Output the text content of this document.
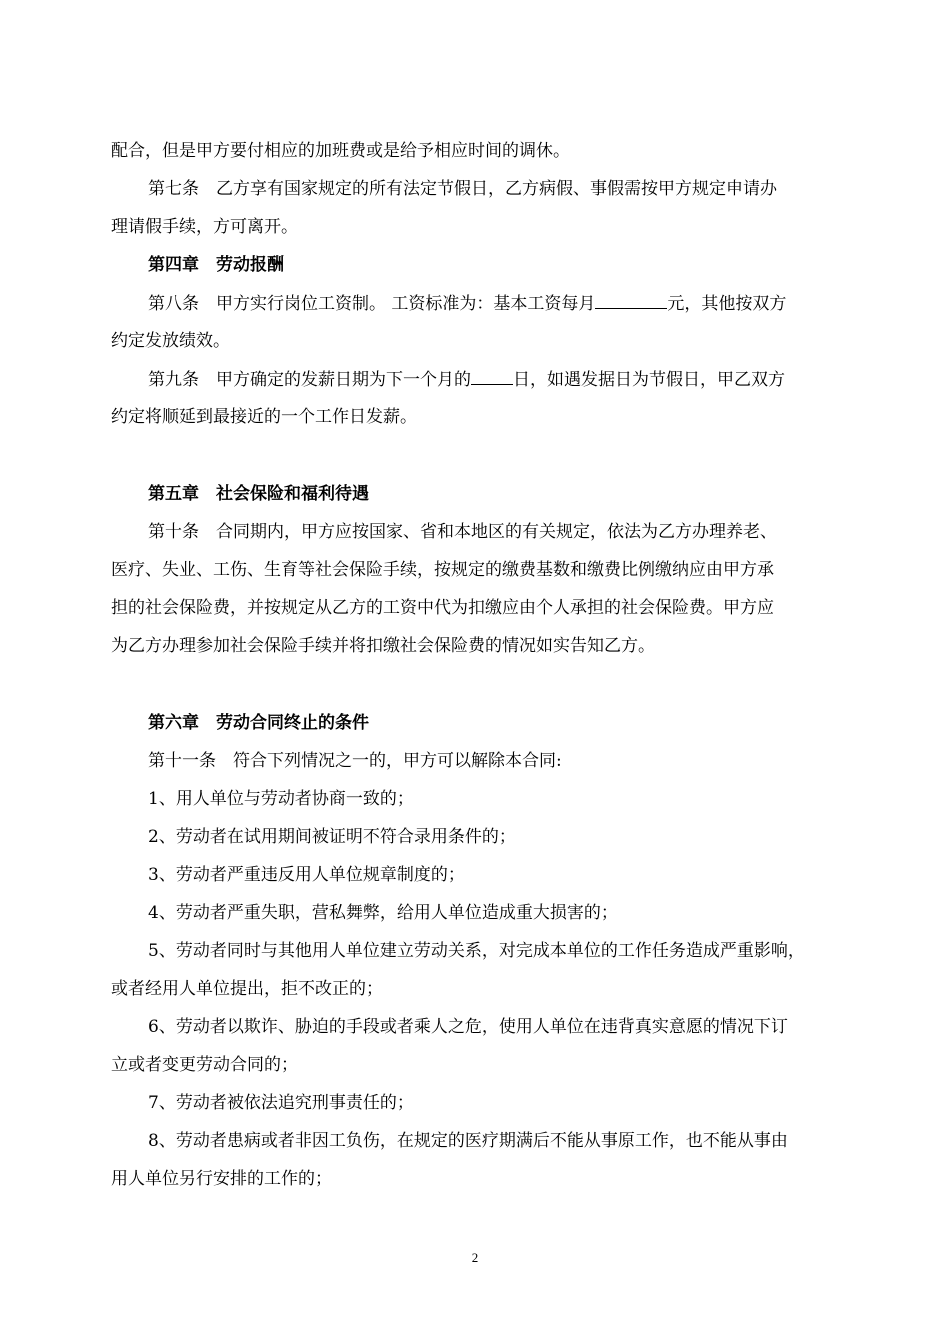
配合，但是甲方要付相应的加班费或是给予相应时间的调休。
第七条　乙方享有国家规定的所有法定节假日，乙方病假、事假需按甲方规定申请办
理请假手续，方可离开。
第四章　劳动报酬
第八条　甲方实行岗位工资制。 工资标准为：基本工资每月	元，其他按双方
约定发放绩效。
第九条　甲方确定的发薪日期为下一个月的 日，如遇发据日为节假日，甲乙双方
约定将顺延到最接近的一个工作日发薪。
第五章　社会保险和福利待遇
第十条　合同期内，甲方应按国家、省和本地区的有关规定，依法为乙方办理养老、
医疗、失业、工伤、生育等社会保险手续，按规定的缴费基数和缴费比例缴纳应由甲方承
担的社会保险费，并按规定从乙方的工资中代为扣缴应由个人承担的社会保险费。甲方应
为乙方办理参加社会保险手续并将扣缴社会保险费的情况如实告知乙方。
第六章　劳动合同终止的条件
第十一条　符合下列情况之一的，甲方可以解除本合同:
1、用人单位与劳动者协商一致的；
2、劳动者在试用期间被证明不符合录用条件的；
3、劳动者严重违反用人单位规章制度的；
4、劳动者严重失职，营私舞弊，给用人单位造成重大损害的；
5、劳动者同时与其他用人单位建立劳动关系，对完成本单位的工作任务造成严重影响，
或者经用人单位提出，拒不改正的；
6、劳动者以欺诈、胁迫的手段或者乘人之危，使用人单位在违背真实意愿的情况下订
立或者变更劳动合同的；
7、劳动者被依法追究刑事责任的；
8、劳动者患病或者非因工负伤，在规定的医疗期满后不能从事原工作，也不能从事由
用人单位另行安排的工作的；
2
